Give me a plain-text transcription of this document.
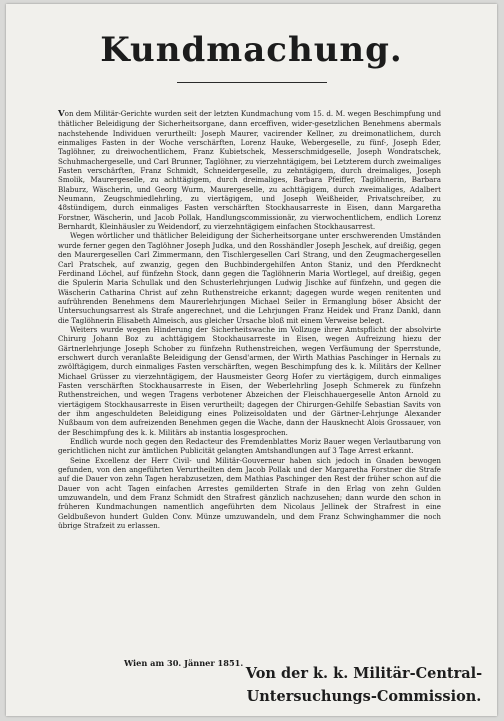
Kundmachung.

Von dem Militär-Gerichte wurden seit der letzten Kundmachung vom 15. d. M. wegen Beschimpfung und thätlicher Beleidigung der Sicherheitsorgane, dann erceffiven, wider-gesetzlichen Benehmens abermals nachstehende Individuen verurtheilt: Joseph Maurer, vacirender Kellner, zu dreimonatlichem, durch einmaliges Fasten in der Woche verschärften, Lorenz Hauke, Webergeselle, zu fünf-, Joseph Eder, Taglöhner, zu dreiwochentlichem, Franz Kubietschek, Messerschmidgeselle, Joseph Wondratschek, Schuhmachergeselle, und Carl Brunner, Taglöhner, zu vierzehntägigem, bei Letzterem durch zweimaliges Fasten verschärften, Franz Schmidt, Schneidergeselle, zu zehntägigem, durch dreimaliges, Joseph Smolik, Maurergeselle, zu achttägigem, durch dreimaliges, Barbara Pfeiffer, Taglöhnerin, Barbara Blaburz, Wäscherin, und Georg Wurm, Maurergeselle, zu achttägigem, durch zweimaliges, Adalbert Neumann, Zeugschmiedlehrling, zu viertägigem, und Joseph Weißheider, Privatschreiber, zu 48stündigem, durch einmaliges Fasten verschärften Stockhausarreste in Eisen, dann Margaretha Forstner, Wäscherin, und Jacob Pollak, Handlungscommissionär, zu vierwochentlichem, endlich Lorenz Bernhardt, Kleinhäusler zu Weidendorf, zu vierzehntägigem einfachen Stockhausarrest.

Wegen wörtlicher und thätlicher Beleidigung der Sicherheitsorgane unter erschwerenden Umständen wurde ferner gegen den Taglöhner Joseph Judka, und den Rosshändler Joseph Jeschek, auf dreißig, gegen den Maurergesellen Carl Zimmermann, den Tischlergesellen Carl Strang, und den Zeugmachergesellen Carl Pratschek, auf zwanzig, gegen den Buchbindergehilfen Anton Staniz, und den Pferdknecht Ferdinand Löchel, auf fünfzehn Stock, dann gegen die Taglöhnerin Maria Wortlegel, auf dreißig, gegen die Spulerin Maria Schullak und den Schusterlehrjungen Ludwig Jischke auf fünfzehn, und gegen die Wäscherin Catharina Christ auf zehn Ruthenstreiche erkannt; dagegen wurde wegen renitenten und aufrührenden Benehmens dem Maurerlehrjungen Michael Seiler in Ermanglung böser Absicht der Untersuchungsarrest als Strafe angerechnet, und die Lehrjungen Franz Heidek und Franz Dankl, dann die Taglöhnerin Elisabeth Almeisch, aus gleicher Ursache bloß mit einem Verweise belegt.

Weiters wurde wegen Hinderung der Sicherheitswache im Vollzuge ihrer Amtspflicht der absolvirte Chirurg Johann Boz zu achttägigem Stockhausarreste in Eisen, wegen Aufreizung hiezu der Gärtnerlehrjunge Joseph Schober zu fünfzehn Ruthenstreichen, wegen Verfäumung der Sperrstunde, erschwert durch veranlaßte Beleidigung der Gensd'armen, der Wirth Mathias Paschinger in Hernals zu zwölftägigem, durch einmaliges Fasten verschärften, wegen Beschimpfung des k. k. Militärs der Kellner Michael Grüsser zu vierzehntägigem, der Hausmeister Georg Hofer zu viertägigem, durch einmaliges Fasten verschärften Stockhausarreste in Eisen, der Weberlehrling Joseph Schmerek zu fünfzehn Ruthenstreichen, und wegen Tragens verbotener Abzeichen der Fleischhauergeselle Anton Arnold zu viertägigem Stockhausarreste in Eisen verurtheilt; dagegen der Chirurgen-Gehilfe Sebastian Savits von der ihm angeschuldeten Beleidigung eines Polizeisoldaten und der Gärtner-Lehrjunge Alexander Nußbaum von dem aufreizenden Benehmen gegen die Wache, dann der Hausknecht Alois Grossauer, von der Beschimpfung des k. k. Militärs ab instantia losgesprochen.

Endlich wurde noch gegen den Redacteur des Fremdenblattes Moriz Bauer wegen Verlautbarung von gerichtlichen nicht zur ämtlichen Publicität gelangten Amtshandlungen auf 3 Tage Arrest erkannt.

Seine Excellenz der Herr Civil- und Militär-Gouverneur haben sich jedoch in Gnaden bewogen gefunden, von den angeführten Verurtheilten dem Jacob Pollak und der Margaretha Forstner die Strafe auf die Dauer von zehn Tagen herabzusetzen, dem Mathias Paschinger den Rest der früher schon auf die Dauer von acht Tagen einfachen Arrestes gemilderten Strafe in den Erlag von zehn Gulden umzuwandeln, und dem Franz Schmidt den Strafrest gänzlich nachzusehen; dann wurde den schon in früheren Kundmachungen namentlich angeführten dem Nicolaus Jellinek der Strafrest in eine Geldbußevon hundert Gulden Conv. Münze umzuwandeln, und dem Franz Schwinghammer die noch übrige Strafzeit zu erlassen.

Wien am 30. Jänner 1851.
Von der k. k. Militär-Central-
Untersuchungs-Commission.
